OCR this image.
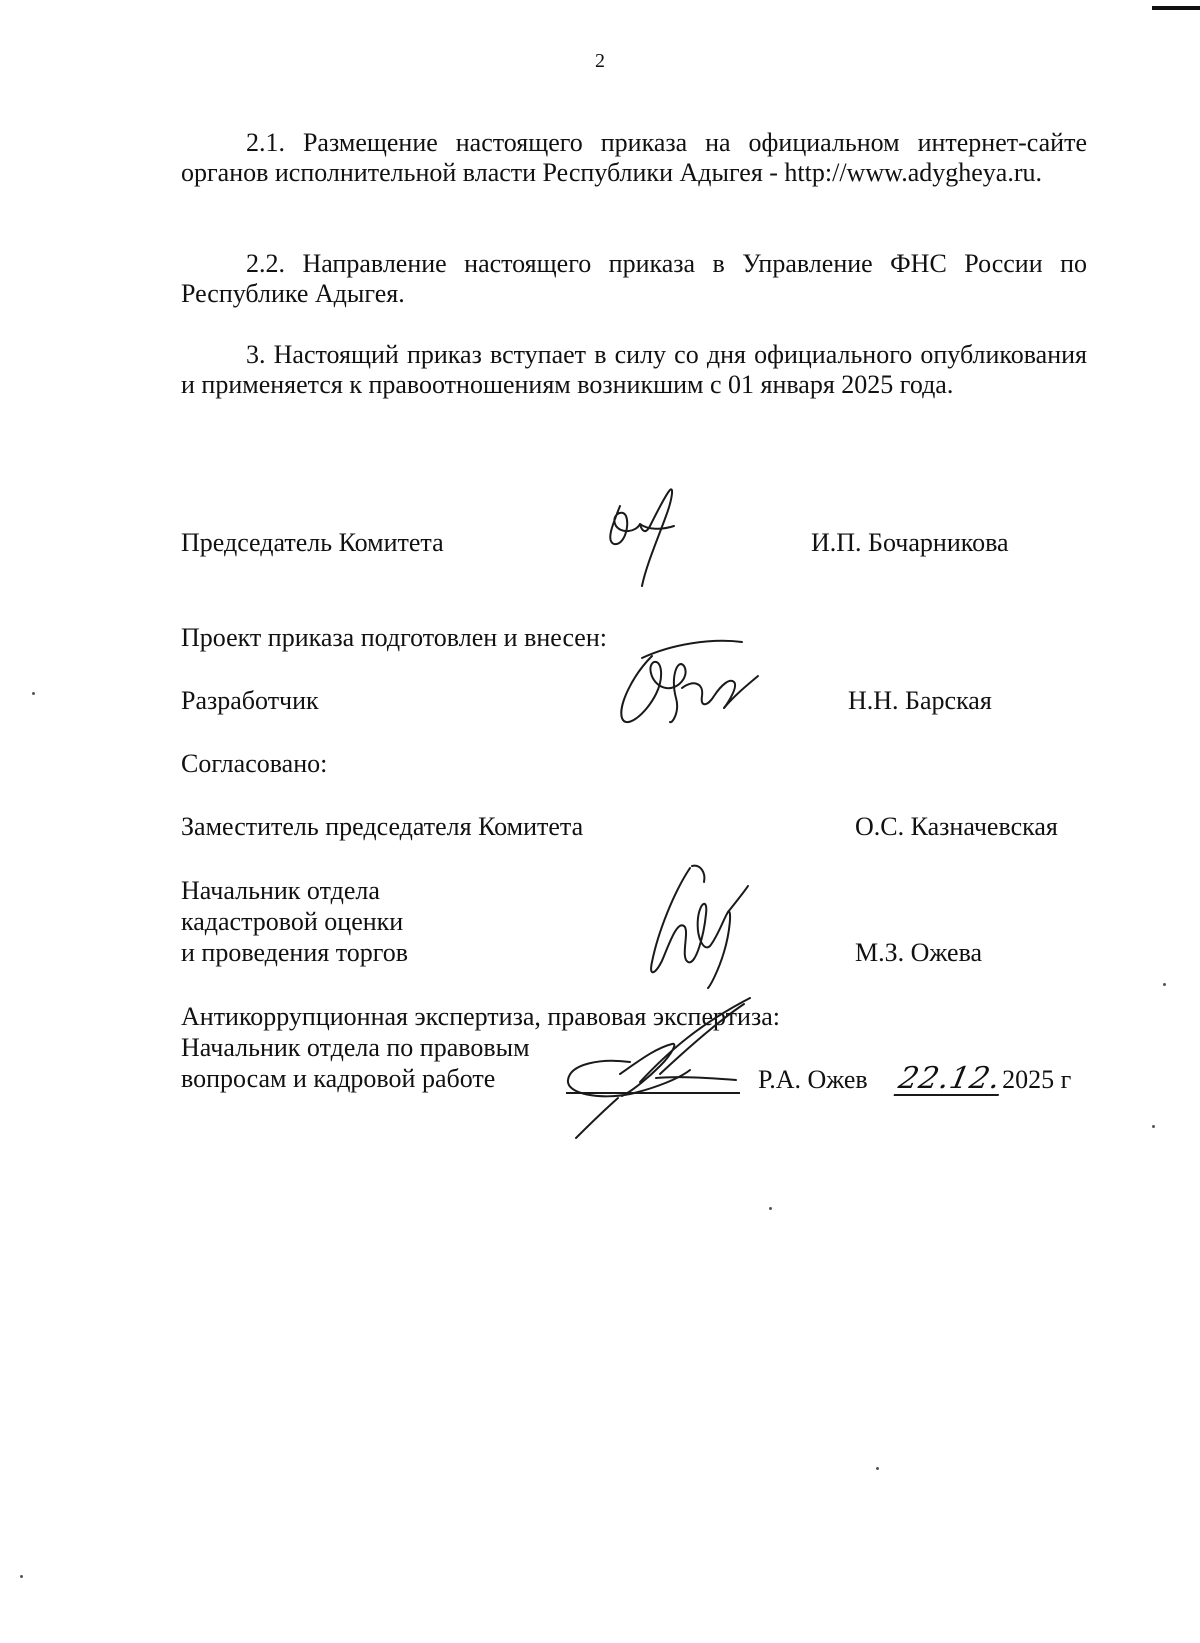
2

2.1. Размещение настоящего приказа на официальном интернет-сайте органов исполнительной власти Республики Адыгея - http://www.adygheya.ru.

2.2. Направление настоящего приказа в Управление ФНС России по Республике Адыгея.

3. Настоящий приказ вступает в силу со дня официального опубликования и применяется к правоотношениям возникшим с 01 января 2025 года.

Председатель Комитета	И.П. Бочарникова
Проект приказа подготовлен и внесен:
Разработчик	Н.Н. Барская
Согласовано:
Заместитель председателя Комитета	О.С. Казначевская
Начальник отдела
кадастровой оценки
и проведения торгов	М.З. Ожева
Антикоррупционная экспертиза, правовая экспертиза:
Начальник отдела по правовым
вопросам и кадровой работе	Р.А. Ожев 22.12.2025 г
